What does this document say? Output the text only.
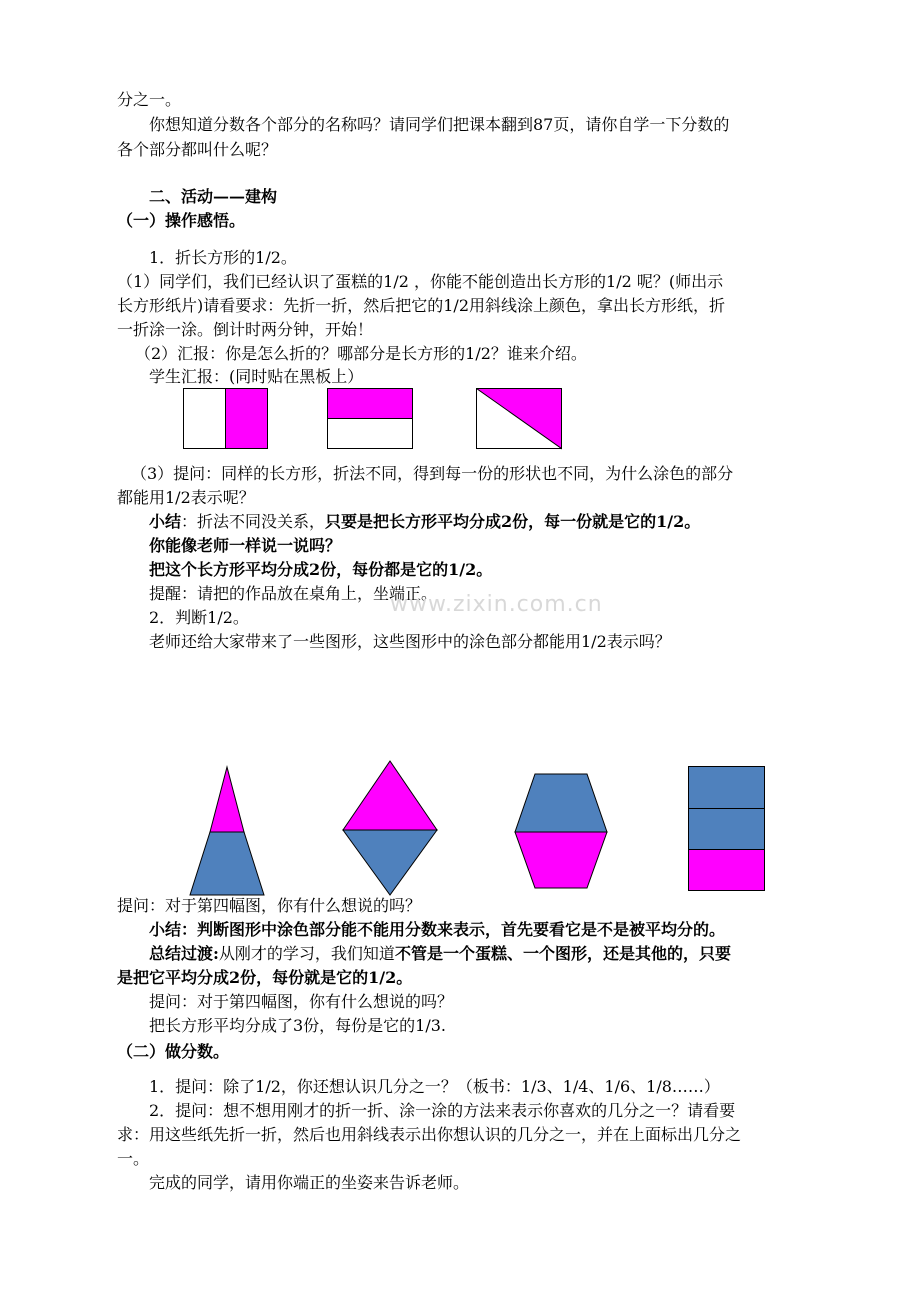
分之一。
你想知道分数各个部分的名称吗？请同学们把课本翻到87页，请你自学一下分数的
各个部分都叫什么呢？
二、活动——建构
（一）操作感悟。
1．折长方形的1/2。
（1）同学们，我们已经认识了蛋糕的1/2 ，你能不能创造出长方形的1/2 呢？(师出示
长方形纸片)请看要求：先折一折，然后把它的1/2用斜线涂上颜色，拿出长方形纸，折
一折涂一涂。倒计时两分钟，开始！
（2）汇报：你是怎么折的？哪部分是长方形的1/2？谁来介绍。
学生汇报：(同时贴在黑板上）
（3）提问：同样的长方形，折法不同，得到每一份的形状也不同，为什么涂色的部分
都能用1/2表示呢？
小结：折法不同没关系，只要是把长方形平均分成2份，每一份就是它的1/2。
你能像老师一样说一说吗？
把这个长方形平均分成2份，每份都是它的1/2。
提醒：请把的作品放在桌角上，坐端正。
2．判断1/2。
老师还给大家带来了一些图形，这些图形中的涂色部分都能用1/2表示吗？
www.zixin.com.cn
提问：对于第四幅图，你有什么想说的吗？
小结：判断图形中涂色部分能不能用分数来表示，首先要看它是不是被平均分的。
总结过渡:从刚才的学习，我们知道不管是一个蛋糕、一个图形，还是其他的，只要
是把它平均分成2份，每份就是它的1/2。
提问：对于第四幅图，你有什么想说的吗？
把长方形平均分成了3份，每份是它的1/3.
（二）做分数。
1．提问：除了1/2，你还想认识几分之一？（板书：1/3、1/4、1/6、1/8……）
2．提问：想不想用刚才的折一折、涂一涂的方法来表示你喜欢的几分之一？请看要
求：用这些纸先折一折，然后也用斜线表示出你想认识的几分之一，并在上面标出几分之
一。
完成的同学，请用你端正的坐姿来告诉老师。
